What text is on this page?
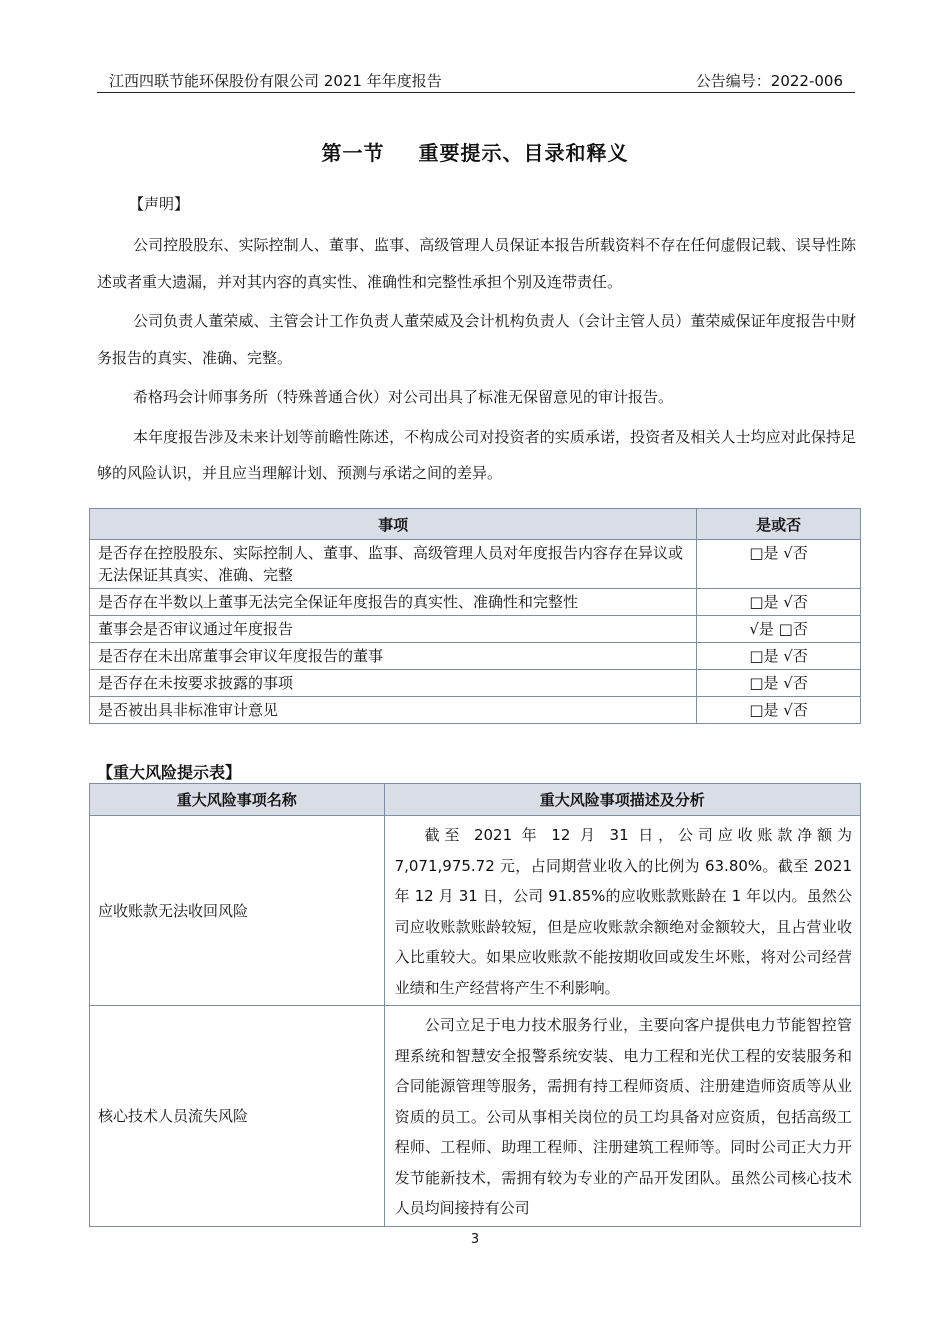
江西四联节能环保股份有限公司 2021 年年度报告	公告编号：2022-006
第一节 重要提示、目录和释义
【声明】

公司控股股东、实际控制人、董事、监事、高级管理人员保证本报告所载资料不存在任何虚假记载、误导性陈述或者重大遗漏，并对其内容的真实性、准确性和完整性承担个别及连带责任。

公司负责人董荣威、主管会计工作负责人董荣威及会计机构负责人（会计主管人员）董荣威保证年度报告中财务报告的真实、准确、完整。

希格玛会计师事务所（特殊普通合伙）对公司出具了标准无保留意见的审计报告。

本年度报告涉及未来计划等前瞻性陈述，不构成公司对投资者的实质承诺，投资者及相关人士均应对此保持足够的风险认识，并且应当理解计划、预测与承诺之间的差异。

事项	是或否
是否存在控股股东、实际控制人、董事、监事、高级管理人员对年度报告内容存在异议或无法保证其真实、准确、完整	□是 √否
是否存在半数以上董事无法完全保证年度报告的真实性、准确性和完整性	□是 √否
董事会是否审议通过年度报告	√是 □否
是否存在未出席董事会审议年度报告的董事	□是 √否
是否存在未按要求披露的事项	□是 √否
是否被出具非标准审计意见	□是 √否
【重大风险提示表】
重大风险事项名称	重大风险事项描述及分析
应收账款无法收回风险	截至 2021 年 12 月 31 日，公司应收账款净额为 7,071,975.72 元，占同期营业收入的比例为 63.80%。截至 2021 年 12 月 31 日，公司 91.85%的应收账款账龄在 1 年以内。虽然公司应收账款账龄较短，但是应收账款余额绝对金额较大，且占营业收入比重较大。如果应收账款不能按期收回或发生坏账，将对公司经营业绩和生产经营将产生不利影响。

核心技术人员流失风险	公司立足于电力技术服务行业，主要向客户提供电力节能智控管理系统和智慧安全报警系统安装、电力工程和光伏工程的安装服务和合同能源管理等服务，需拥有持工程师资质、注册建造师资质等从业资质的员工。公司从事相关岗位的员工均具备对应资质，包括高级工程师、工程师、助理工程师、注册建筑工程师等。同时公司正大力开发节能新技术，需拥有较为专业的产品开发团队。虽然公司核心技术人员均间接持有公司
3
